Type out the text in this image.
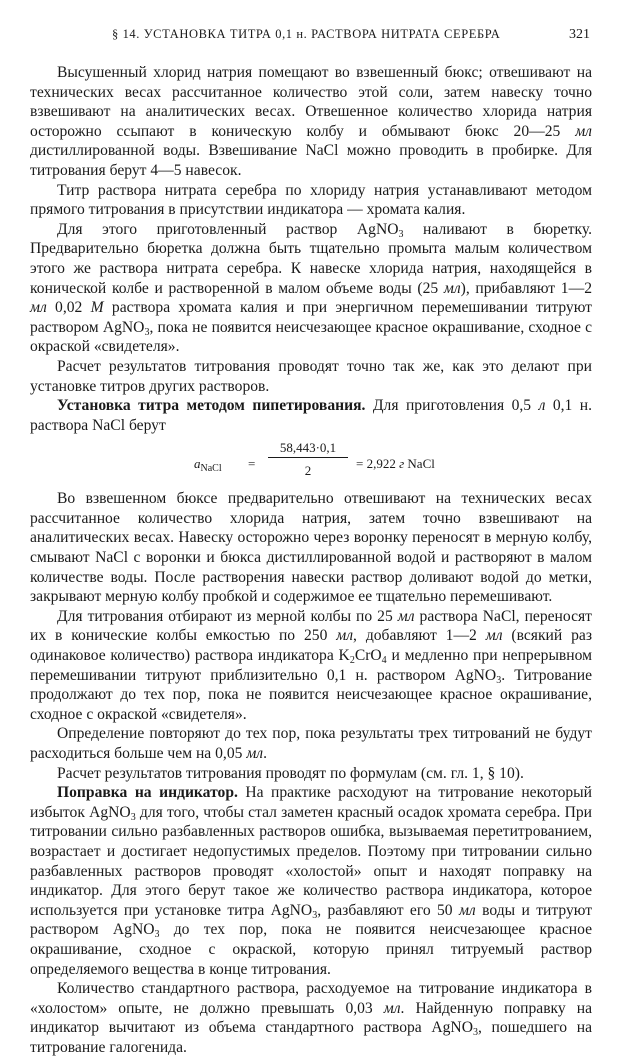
§ 14. УСТАНОВКА ТИТРА 0,1 н. РАСТВОРА НИТРАТА СЕРЕБРА	321

Высушенный хлорид натрия помещают во взвешенный бюкс; отвешивают на технических весах рассчитанное количество этой соли, затем навеску точно взвешивают на аналитических весах. Отвешенное количество хлорида натрия осторожно ссыпают в коническую колбу и обмывают бюкс 20—25 мл дистиллированной воды. Взвешивание NaCl можно проводить в пробирке. Для титрования берут 4—5 навесок.

Титр раствора нитрата серебра по хлориду натрия устанавливают методом прямого титрования в присутствии индикатора — хромата калия.

Для этого приготовленный раствор AgNO$_3$ наливают в бюретку. Предварительно бюретка должна быть тщательно промыта малым количеством этого же раствора нитрата серебра. К навеске хлорида натрия, находящейся в конической колбе и растворенной в малом объеме воды (25 мл), прибавляют 1—2 мл 0,02 M раствора хромата калия и при энергичном перемешивании титруют раствором AgNO$_3$, пока не появится неисчезающее красное окрашивание, сходное с окраской «свидетеля».

Расчет результатов титрования проводят точно так же, как это делают при установке титров других растворов.

Установка титра методом пипетирования. Для приготовления 0,5 л 0,1 н. раствора NaCl берут

$a_{NaCl}$ =
58,443·0,1
2	= 2,922 г NaCl

Во взвешенном бюксе предварительно отвешивают на технических весах рассчитанное количество хлорида натрия, затем точно взвешивают на аналитических весах. Навеску осторожно через воронку переносят в мерную колбу, смывают NaCl с воронки и бюкса дистиллированной водой и растворяют в малом количестве воды. После растворения навески раствор доливают водой до метки, закрывают мерную колбу пробкой и содержимое ее тщательно перемешивают.

Для титрования отбирают из мерной колбы по 25 мл раствора NaCl, переносят их в конические колбы емкостью по 250 мл, добавляют 1—2 мл (всякий раз одинаковое количество) раствора индикатора $K_2CrO_4$ и медленно при непрерывном перемешивании титруют приблизительно 0,1 н. раствором AgNO$_3$. Титрование продолжают до тех пор, пока не появится неисчезающее красное окрашивание, сходное с окраской «свидетеля».

Определение повторяют до тех пор, пока результаты трех титрований не будут расходиться больше чем на 0,05 мл.

Расчет результатов титрования проводят по формулам (см. гл. 1, § 10).

Поправка на индикатор. На практике расходуют на титрование некоторый избыток AgNO$_3$ для того, чтобы стал заметен красный осадок хромата серебра. При титровании сильно разбавленных растворов ошибка, вызываемая перетитрованием, возрастает и достигает недопустимых пределов. Поэтому при титровании сильно разбавленных растворов проводят «холостой» опыт и находят поправку на индикатор. Для этого берут такое же количество раствора индикатора, которое используется при установке титра AgNO$_3$, разбавляют его 50 мл воды и титруют раствором AgNO$_3$ до тех пор, пока не появится неисчезающее красное окрашивание, сходное с окраской, которую принял титруемый раствор определяемого вещества в конце титрования.

Количество стандартного раствора, расходуемое на титрование индикатора в «холостом» опыте, не должно превышать 0,03 мл. Найденную поправку на индикатор вычитают из объема стандартного раствора AgNO$_3$, пошедшего на титрование галогенида.
